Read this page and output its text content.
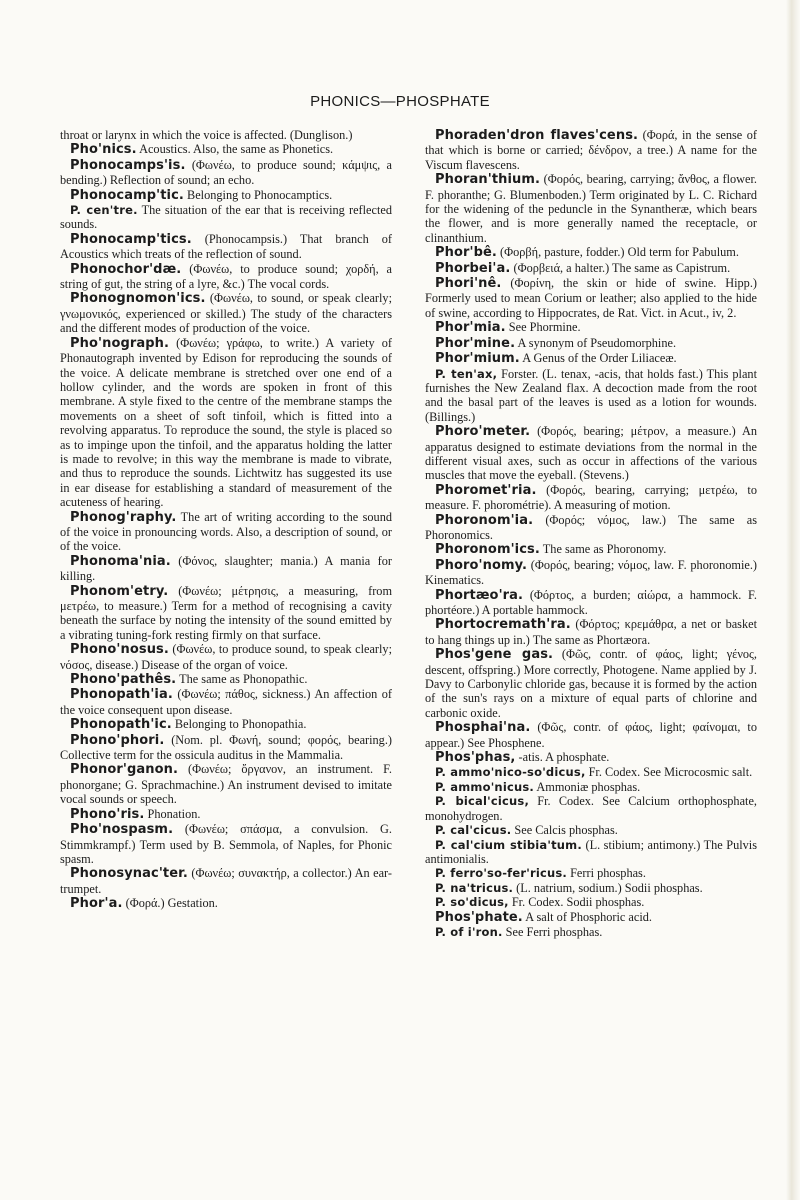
PHONICS—PHOSPHATE

throat or larynx in which the voice is affected. (Dunglison.)

Pho'nics. Acoustics. Also, the same as Phonetics.

Phonocamps'is. (Φωνέω, to produce sound; κάμψις, a bending.) Reflection of sound; an echo.

Phonocamp'tic. Belonging to Phonocamptics.

P. cen'tre. The situation of the ear that is receiving reflected sounds.

Phonocamp'tics. (Phonocampsis.) That branch of Acoustics which treats of the reflection of sound.

Phonochor'dæ. (Φωνέω, to produce sound; χορδή, a string of gut, the string of a lyre, &c.) The vocal cords.

Phonognomon'ics. (Φωνέω, to sound, or speak clearly; γνωμονικός, experienced or skilled.) The study of the characters and the different modes of production of the voice.

Pho'nograph. (Φωνέω; γράφω, to write.) A variety of Phonautograph invented by Edison for reproducing the sounds of the voice. A delicate membrane is stretched over one end of a hollow cylinder, and the words are spoken in front of this membrane. A style fixed to the centre of the membrane stamps the movements on a sheet of soft tinfoil, which is fitted into a revolving apparatus. To reproduce the sound, the style is placed so as to impinge upon the tinfoil, and the apparatus holding the latter is made to revolve; in this way the membrane is made to vibrate, and thus to reproduce the sounds. Lichtwitz has suggested its use in ear disease for establishing a standard of measurement of the acuteness of hearing.

Phonog'raphy. The art of writing according to the sound of the voice in pronouncing words. Also, a description of sound, or of the voice.

Phonoma'nia. (Φόνος, slaughter; mania.) A mania for killing.

Phonom'etry. (Φωνέω; μέτρησις, a measuring, from μετρέω, to measure.) Term for a method of recognising a cavity beneath the surface by noting the intensity of the sound emitted by a vibrating tuning-fork resting firmly on that surface.

Phono'nosus. (Φωνέω, to produce sound, to speak clearly; νόσος, disease.) Disease of the organ of voice.

Phono'pathês. The same as Phonopathic.

Phonopath'ia. (Φωνέω; πάθος, sickness.) An affection of the voice consequent upon disease.

Phonopath'ic. Belonging to Phonopathia.

Phono'phori. (Nom. pl. Φωνή, sound; φορός, bearing.) Collective term for the ossicula auditus in the Mammalia.

Phonor'ganon. (Φωνέω; ὄργανον, an instrument. F. phonorgane; G. Sprachmachine.) An instrument devised to imitate vocal sounds or speech.

Phono'ris. Phonation.

Pho'nospasm. (Φωνέω; σπάσμα, a convulsion. G. Stimmkrampf.) Term used by B. Semmola, of Naples, for Phonic spasm.

Phonosynac'ter. (Φωνέω; συνακτήρ, a collector.) An ear-trumpet.

Phor'a. (Φορά.) Gestation.

Phoraden'dron flaves'cens. (Φορά, in the sense of that which is borne or carried; δένδρον, a tree.) A name for the Viscum flavescens.

Phoran'thium. (Φορός, bearing, carrying; ἄνθος, a flower. F. phoranthe; G. Blumenboden.) Term originated by L. C. Richard for the widening of the peduncle in the Synantheræ, which bears the flower, and is more generally named the receptacle, or clinanthium.

Phor'bê. (Φορβή, pasture, fodder.) Old term for Pabulum.

Phorbei'a. (Φορβειά, a halter.) The same as Capistrum.

Phori'nê. (Φορίνη, the skin or hide of swine. Hipp.) Formerly used to mean Corium or leather; also applied to the hide of swine, according to Hippocrates, de Rat. Vict. in Acut., iv, 2.

Phor'mia. See Phormine.

Phor'mine. A synonym of Pseudomorphine.

Phor'mium. A Genus of the Order Liliaceæ.

P. ten'ax, Forster. (L. tenax, -acis, that holds fast.) This plant furnishes the New Zealand flax. A decoction made from the root and the basal part of the leaves is used as a lotion for wounds. (Billings.)

Phoro'meter. (Φορός, bearing; μέτρον, a measure.) An apparatus designed to estimate deviations from the normal in the different visual axes, such as occur in affections of the various muscles that move the eyeball. (Stevens.)

Phoromet'ria. (Φορός, bearing, carrying; μετρέω, to measure. F. phorométrie). A measuring of motion.

Phoronom'ia. (Φορός; νόμος, law.) The same as Phoronomics.

Phoronom'ics. The same as Phoronomy.

Phoro'nomy. (Φορός, bearing; νόμος, law. F. phoronomie.) Kinematics.

Phortæo'ra. (Φόρτος, a burden; αἰώρα, a hammock. F. phortéore.) A portable hammock.

Phortocremath'ra. (Φόρτος; κρεμάθρα, a net or basket to hang things up in.) The same as Phortæora.

Phos'gene gas. (Φῶς, contr. of φάος, light; γένος, descent, offspring.) More correctly, Photogene. Name applied by J. Davy to Carbonylic chloride gas, because it is formed by the action of the sun's rays on a mixture of equal parts of chlorine and carbonic oxide.

Phosphai'na. (Φῶς, contr. of φάος, light; φαίνομαι, to appear.) See Phosphene.

Phos'phas, -atis. A phosphate.

P. ammo'nico-so'dicus, Fr. Codex. See Microcosmic salt.

P. ammo'nicus. Ammoniæ phosphas.

P. bical'cicus, Fr. Codex. See Calcium orthophosphate, monohydrogen.

P. cal'cicus. See Calcis phosphas.

P. cal'cium stibia'tum. (L. stibium; antimony.) The Pulvis antimonialis.

P. ferro'so-fer'ricus. Ferri phosphas.

P. na'tricus. (L. natrium, sodium.) Sodii phosphas.

P. so'dicus, Fr. Codex. Sodii phosphas.

Phos'phate. A salt of Phosphoric acid.

P. of i'ron. See Ferri phosphas.
